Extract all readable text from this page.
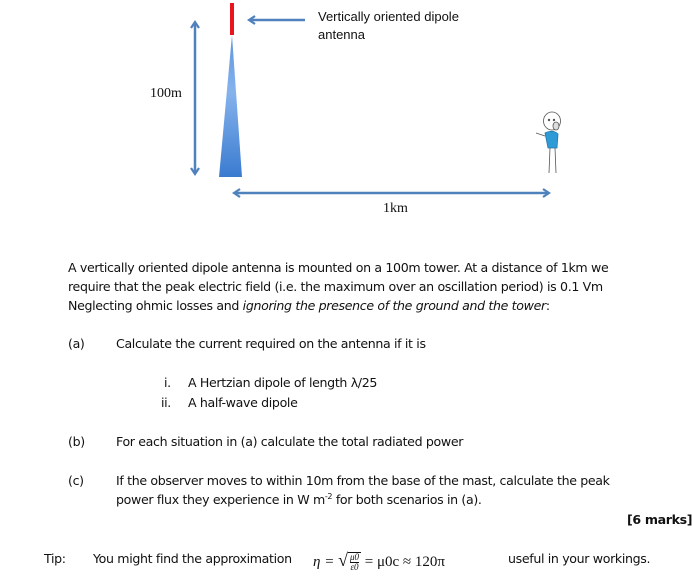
Vertically oriented dipole
antenna
100m
1km
A vertically oriented dipole antenna is mounted on a 100m tower. At a distance of 1km we
require that the peak electric field (i.e. the maximum over an oscillation period) is 0.1 Vm
Neglecting ohmic losses and ignoring the presence of the ground and the tower:
(a)	Calculate the current required on the antenna if it is
i. A Hertzian dipole of length λ/25
ii. A half-wave dipole
(b) For each situation in (a) calculate the total radiated power
(c)	If the observer moves to within 10m from the base of the mast, calculate the peak
power flux they experience in W $m^{-2}$ for both scenarios in (a).
[6 marks]
Tip: You might find the approximation η = √ $\frac{\mu 0}{\varepsilon 0} = \mu 0c \approx 120\pi$	useful in your workings.
